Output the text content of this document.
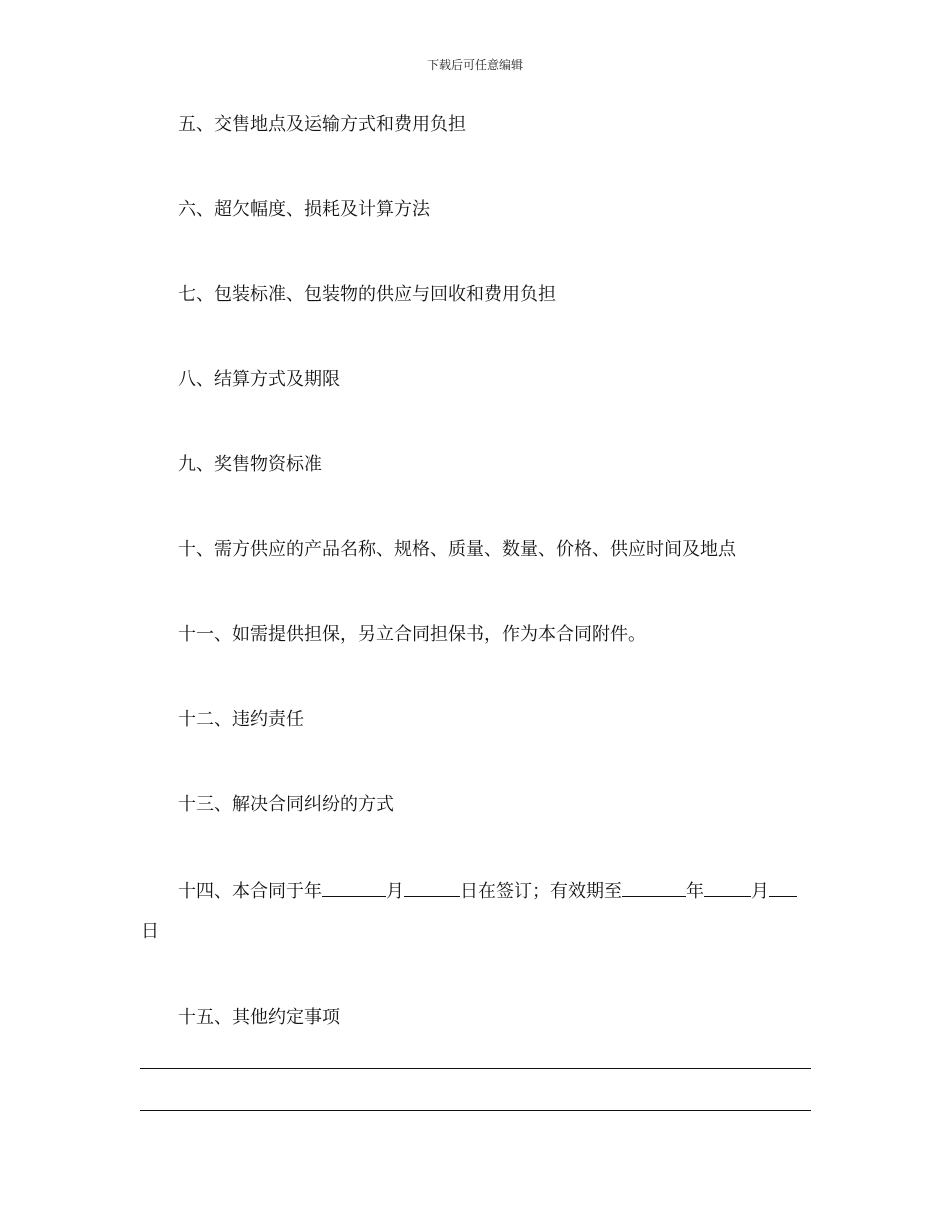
下载后可任意编辑
五、交售地点及运输方式和费用负担
六、超欠幅度、损耗及计算方法
七、包装标准、包装物的供应与回收和费用负担
八、结算方式及期限
九、奖售物资标准
十、需方供应的产品名称、规格、质量、数量、价格、供应时间及地点
十一、如需提供担保，另立合同担保书，作为本合同附件。
十二、违约责任
十三、解决合同纠纷的方式
十四、本合同于年	月	日在签订；有效期至	年	月
日
十五、其他约定事项
